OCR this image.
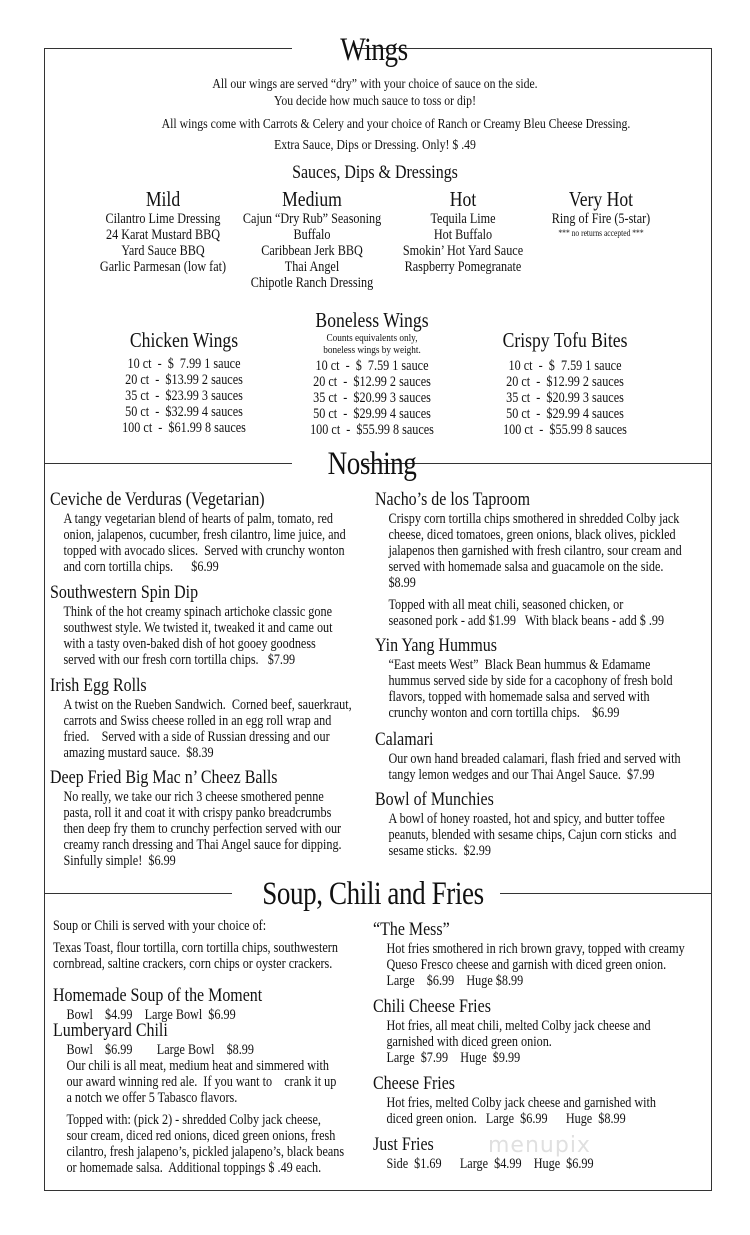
Wings
All our wings are served “dry” with your choice of sauce on the side.
You decide how much sauce to toss or dip!
All wings come with Carrots & Celery and your choice of Ranch or Creamy Bleu Cheese Dressing.
Extra Sauce, Dips or Dressing. Only! $ .49
Sauces, Dips & Dressings
Mild
Cilantro Lime Dressing
24 Karat Mustard BBQ
Yard Sauce BBQ
Garlic Parmesan (low fat)
Medium
Cajun “Dry Rub” Seasoning
Buffalo
Caribbean Jerk BBQ
Thai Angel
Chipotle Ranch Dressing
Hot
Tequila Lime
Hot Buffalo
Smokin’ Hot Yard Sauce
Raspberry Pomegranate
Very Hot
Ring of Fire (5-star)
*** no returns accepted ***
Chicken Wings
10 ct  -  $  7.99 1 sauce
20 ct  -  $13.99 2 sauces
35 ct  -  $23.99 3 sauces
50 ct  -  $32.99 4 sauces
100 ct  -  $61.99 8 sauces
Boneless Wings
Counts equivalents only,
boneless wings by weight.
10 ct  -  $  7.59 1 sauce
20 ct  -  $12.99 2 sauces
35 ct  -  $20.99 3 sauces
50 ct  -  $29.99 4 sauces
100 ct  -  $55.99 8 sauces
Crispy Tofu Bites
10 ct  -  $  7.59 1 sauce
20 ct  -  $12.99 2 sauces
35 ct  -  $20.99 3 sauces
50 ct  -  $29.99 4 sauces
100 ct  -  $55.99 8 sauces
Noshing
Ceviche de Verduras (Vegetarian)
A tangy vegetarian blend of hearts of palm, tomato, red
onion, jalapenos, cucumber, fresh cilantro, lime juice, and
topped with avocado slices.  Served with crunchy wonton
and corn tortilla chips.      $6.99
Southwestern Spin Dip
Think of the hot creamy spinach artichoke classic gone
southwest style. We twisted it, tweaked it and came out
with a tasty oven-baked dish of hot gooey goodness
served with our fresh corn tortilla chips.   $7.99
Irish Egg Rolls
A twist on the Rueben Sandwich.  Corned beef, sauerkraut,
carrots and Swiss cheese rolled in an egg roll wrap and
fried.    Served with a side of Russian dressing and our
amazing mustard sauce.  $8.39
Deep Fried Big Mac n’ Cheez Balls
No really, we take our rich 3 cheese smothered penne
pasta, roll it and coat it with crispy panko breadcrumbs
then deep fry them to crunchy perfection served with our
creamy ranch dressing and Thai Angel sauce for dipping.
Sinfully simple!  $6.99
Nacho’s de los Taproom
Crispy corn tortilla chips smothered in shredded Colby jack
cheese, diced tomatoes, green onions, black olives, pickled
jalapenos then garnished with fresh cilantro, sour cream and
served with homemade salsa and guacamole on the side.
$8.99
Topped with all meat chili, seasoned chicken, or
seasoned pork - add $1.99   With black beans - add $ .99
Yin Yang Hummus
“East meets West”  Black Bean hummus & Edamame
hummus served side by side for a cacophony of fresh bold
flavors, topped with homemade salsa and served with
crunchy wonton and corn tortilla chips.    $6.99
Calamari
Our own hand breaded calamari, flash fried and served with
tangy lemon wedges and our Thai Angel Sauce.  $7.99
Bowl of Munchies
A bowl of honey roasted, hot and spicy, and butter toffee
peanuts, blended with sesame chips, Cajun corn sticks  and
sesame sticks.  $2.99
Soup, Chili and Fries
Soup or Chili is served with your choice of:
Texas Toast, flour tortilla, corn tortilla chips, southwestern
cornbread, saltine crackers, corn chips or oyster crackers.
Homemade Soup of the Moment
Bowl    $4.99    Large Bowl  $6.99
Lumberyard Chili
Bowl    $6.99        Large Bowl    $8.99
Our chili is all meat, medium heat and simmered with
our award winning red ale.  If you want to    crank it up
a notch we offer 5 Tabasco flavors.
Topped with: (pick 2) - shredded Colby jack cheese,
sour cream, diced red onions, diced green onions, fresh
cilantro, fresh jalapeno’s, pickled jalapeno’s, black beans
or homemade salsa.  Additional toppings $ .49 each.
“The Mess”
Hot fries smothered in rich brown gravy, topped with creamy
Queso Fresco cheese and garnish with diced green onion.
Large    $6.99    Huge $8.99
Chili Cheese Fries
Hot fries, all meat chili, melted Colby jack cheese and
garnished with diced green onion.
Large  $7.99    Huge  $9.99
Cheese Fries
Hot fries, melted Colby jack cheese and garnished with
diced green onion.   Large  $6.99      Huge  $8.99
Just Fries
Side  $1.69      Large  $4.99    Huge  $6.99
menupix
